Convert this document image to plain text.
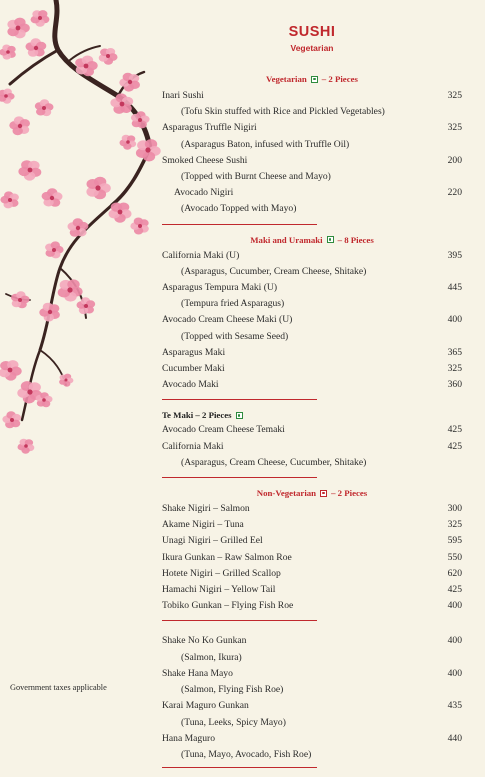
SUSHI
Vegetarian
Vegetarian – 2 Pieces
Inari Sushi	325
(Tofu Skin stuffed with Rice and Pickled Vegetables)
Asparagus Truffle Nigiri	325
(Asparagus Baton, infused with Truffle Oil)
Smoked Cheese Sushi	200
(Topped with Burnt Cheese and Mayo)
Avocado Nigiri	220
(Avocado Topped with Mayo)
Maki and Uramaki – 8 Pieces
California Maki (U)	395
(Asparagus, Cucumber, Cream Cheese, Shitake)
Asparagus Tempura Maki (U)	445
(Tempura fried Asparagus)
Avocado Cream Cheese Maki (U)	400
(Topped with Sesame Seed)
Asparagus Maki	365
Cucumber Maki	325
Avocado Maki	360
Te Maki – 2 Pieces
Avocado Cream Cheese Temaki	425
California Maki	425
(Asparagus, Cream Cheese, Cucumber, Shitake)
Non-Vegetarian – 2 Pieces
Shake Nigiri – Salmon	300
Akame Nigiri – Tuna	325
Unagi Nigiri – Grilled Eel	595
Ikura Gunkan – Raw Salmon Roe	550
Hotete Nigiri – Grilled Scallop	620
Hamachi Nigiri – Yellow Tail	425
Tobiko Gunkan – Flying Fish Roe	400
Shake No Ko Gunkan	400
(Salmon, Ikura)
Shake Hana Mayo	400
(Salmon, Flying Fish Roe)
Karai Maguro Gunkan	435
(Tuna, Leeks, Spicy Mayo)
Hana Maguro	440
(Tuna, Mayo, Avocado, Fish Roe)
Government taxes applicable
